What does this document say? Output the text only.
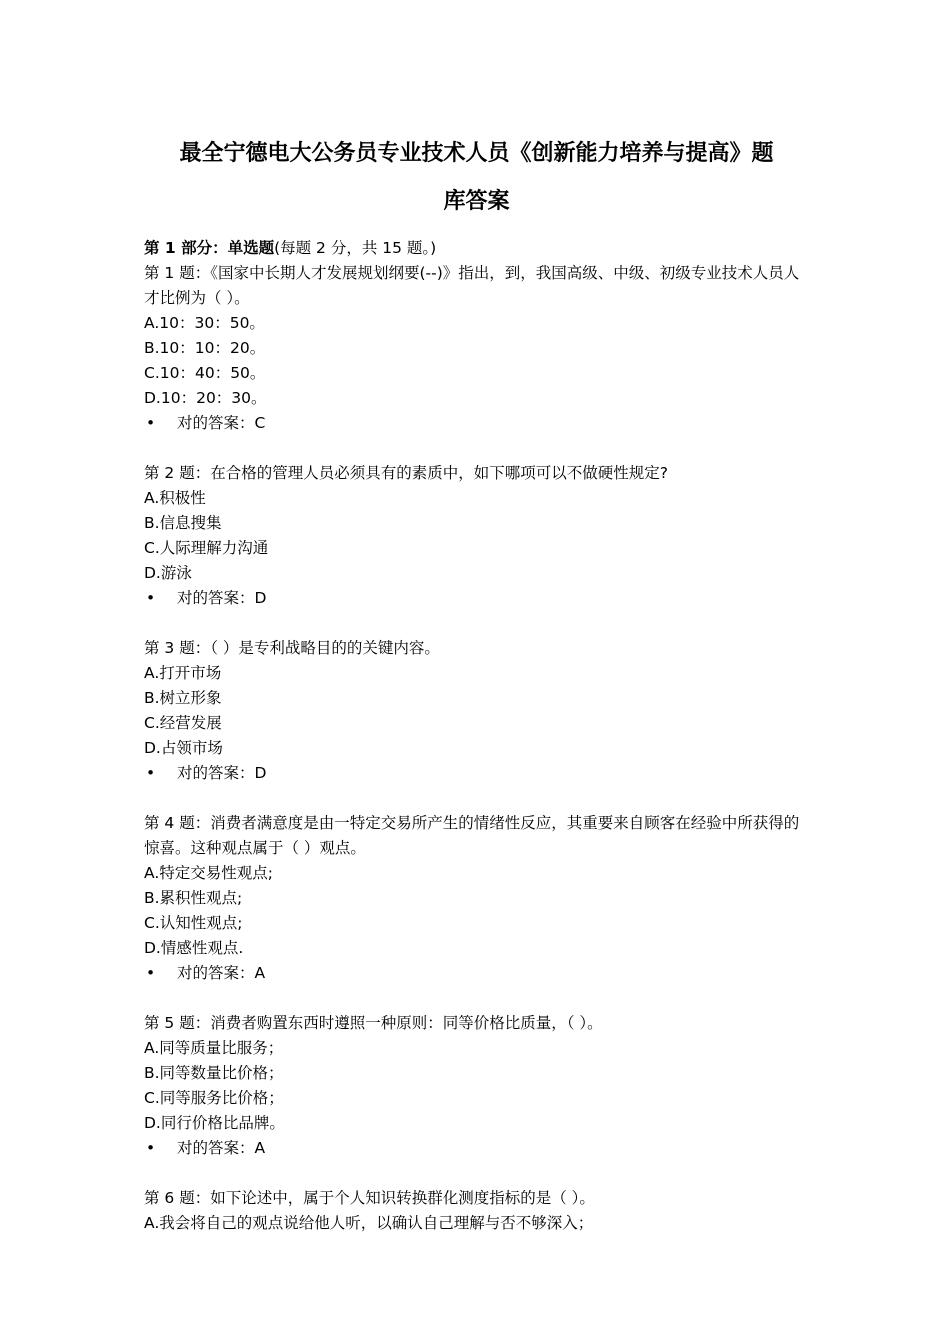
最全宁德电大公务员专业技术人员《创新能力培养与提高》题
库答案
第 1 部分：单选题(每题 2 分，共 15 题。)
第 1 题：《国家中长期人才发展规划纲要(--)》指出，到，我国高级、中级、初级专业技术人员人才比例为（ ）。
A.10：30：50。
B.10：10：20。
C.10：40：50。
D.10：20：30。
•	对的答案：C
第 2 题：在合格的管理人员必须具有的素质中，如下哪项可以不做硬性规定?
A.积极性
B.信息搜集
C.人际理解力沟通
D.游泳
•	对的答案：D
第 3 题：（ ）是专利战略目的的关键内容。
A.打开市场
B.树立形象
C.经营发展
D.占领市场
•	对的答案：D
第 4 题：消费者满意度是由一特定交易所产生的情绪性反应，其重要来自顾客在经验中所获得的惊喜。这种观点属于（ ）观点。
A.特定交易性观点;
B.累积性观点;
C.认知性观点;
D.情感性观点.
•	对的答案：A
第 5 题：消费者购置东西时遵照一种原则：同等价格比质量，（ ）。
A.同等质量比服务；
B.同等数量比价格；
C.同等服务比价格；
D.同行价格比品牌。
•	对的答案：A
第 6 题：如下论述中，属于个人知识转换群化测度指标的是（ ）。
A.我会将自己的观点说给他人听，以确认自己理解与否不够深入；
